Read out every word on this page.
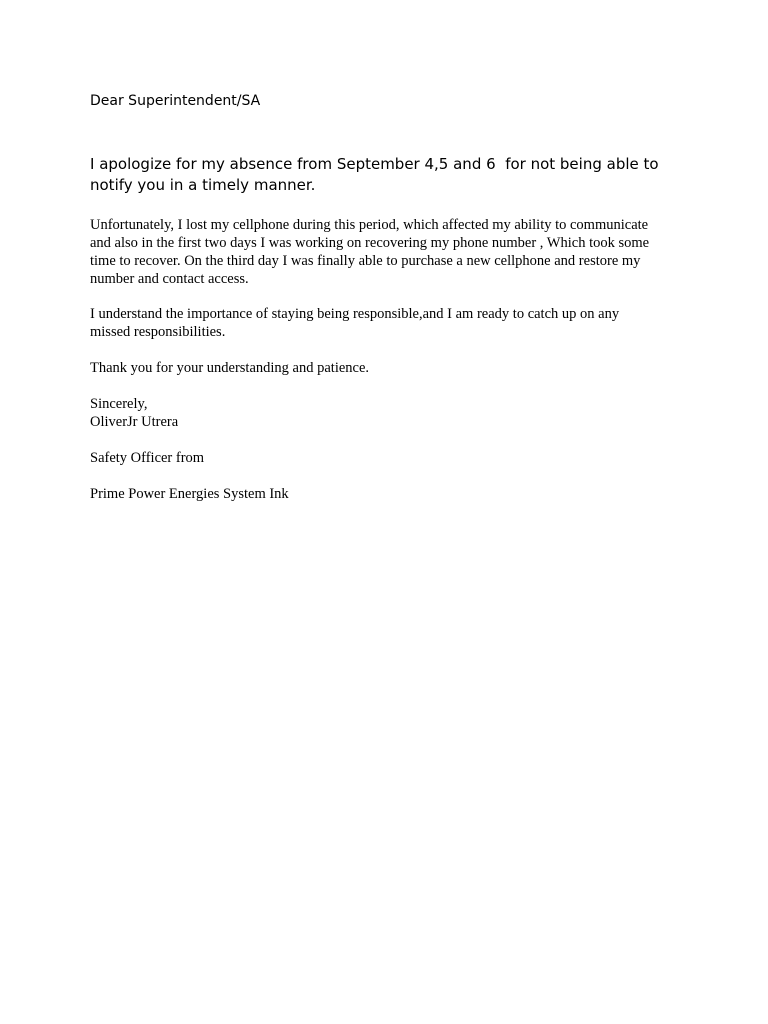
Dear Superintendent/SA

I apologize for my absence from September 4,5 and 6  for not being able to
notify you in a timely manner.

Unfortunately, I lost my cellphone during this period, which affected my ability to communicate
and also in the first two days I was working on recovering my phone number , Which took some
time to recover. On the third day I was finally able to purchase a new cellphone and restore my
number and contact access.

I understand the importance of staying being responsible,and I am ready to catch up on any
missed responsibilities.

Thank you for your understanding and patience.

Sincerely,
OliverJr Utrera

Safety Officer from

Prime Power Energies System Ink
